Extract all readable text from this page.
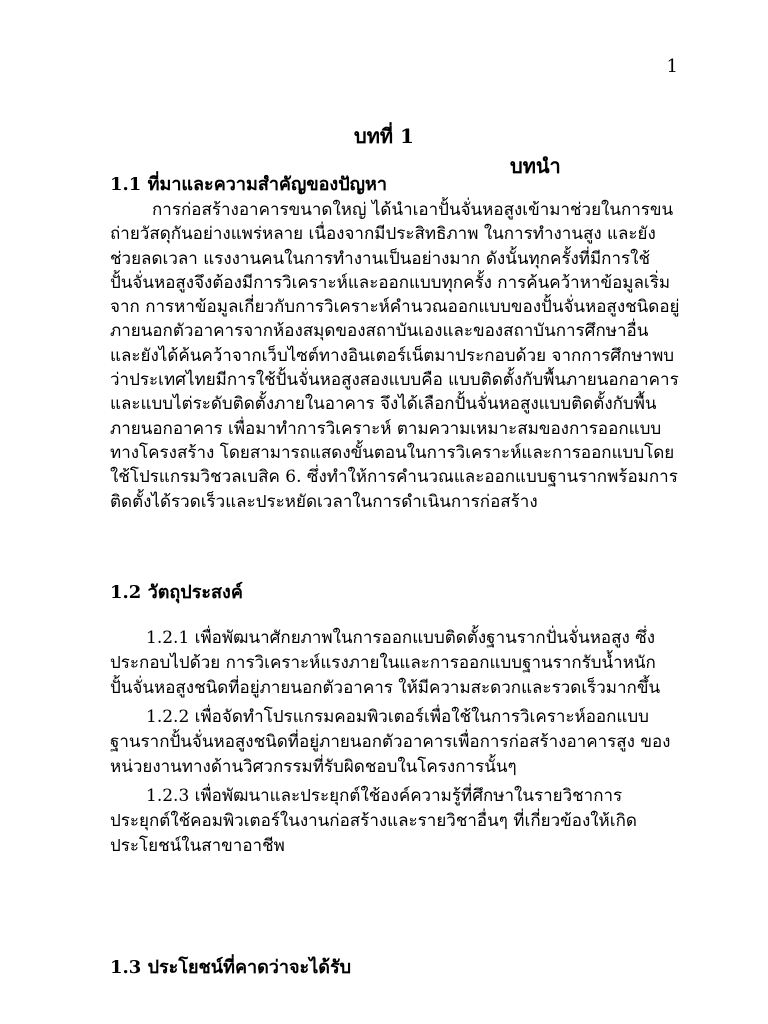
1
บทที่ 1
บทนำ

1.1 ที่มาและความสำคัญของปัญหา

การก่อสร้างอาคารขนาดใหญ่ ได้นำเอาปั้นจั่นหอสูงเข้ามาช่วยในการขนถ่ายวัสดุกันอย่างแพร่หลาย เนื่องจากมีประสิทธิภาพ ในการทำงานสูง และยังช่วยลดเวลา แรงงานคนในการทำงานเป็นอย่างมาก ดังนั้นทุกครั้งที่มีการใช้ปั้นจั่นหอสูงจึงต้องมีการวิเคราะห์และออกแบบทุกครั้ง การค้นคว้าหาข้อมูลเริ่มจาก การหาข้อมูลเกี่ยวกับการวิเคราะห์คำนวณออกแบบของปั้นจั่นหอสูงชนิดอยู่ภายนอกตัวอาคารจากห้องสมุดของสถาบันเองและของสถาบันการศึกษาอื่น และยังได้ค้นคว้าจากเว็บไซต์ทางอินเตอร์เน็ตมาประกอบด้วย จากการศึกษาพบว่าประเทศไทยมีการใช้ปั้นจั่นหอสูงสองแบบคือ แบบติดตั้งกับพื้นภายนอกอาคาร และแบบไต่ระดับติดตั้งภายในอาคาร จึงได้เลือกปั้นจั่นหอสูงแบบติดตั้งกับพื้นภายนอกอาคาร เพื่อมาทำการวิเคราะห์ ตามความเหมาะสมของการออกแบบทางโครงสร้าง โดยสามารถแสดงขั้นตอนในการวิเคราะห์และการออกแบบโดยใช้โปรแกรมวิชวลเบสิค 6. ซึ่งทำให้การคำนวณและออกแบบฐานรากพร้อมการติดตั้งได้รวดเร็วและประหยัดเวลาในการดำเนินการก่อสร้าง

1.2 วัตถุประสงค์

1.2.1 เพื่อพัฒนาศักยภาพในการออกแบบติดตั้งฐานรากปั่นจั่นหอสูง ซึ่งประกอบไปด้วย การวิเคราะห์แรงภายในและการออกแบบฐานรากรับน้ำหนัก ปั้นจั่นหอสูงชนิดที่อยู่ภายนอกตัวอาคาร ให้มีความสะดวกและรวดเร็วมากขึ้น

1.2.2 เพื่อจัดทำโปรแกรมคอมพิวเตอร์เพื่อใช้ในการวิเคราะห์ออกแบบฐานรากปั้นจั่นหอสูงชนิดที่อยู่ภายนอกตัวอาคารเพื่อการก่อสร้างอาคารสูง ของหน่วยงานทางด้านวิศวกรรมที่รับผิดชอบในโครงการนั้นๆ

1.2.3 เพื่อพัฒนาและประยุกต์ใช้องค์ความรู้ที่ศึกษาในรายวิชาการประยุกต์ใช้คอมพิวเตอร์ในงานก่อสร้างและรายวิชาอื่นๆ ที่เกี่ยวข้องให้เกิดประโยชน์ในสาขาอาชีพ

1.3 ประโยชน์ที่คาดว่าจะได้รับ
